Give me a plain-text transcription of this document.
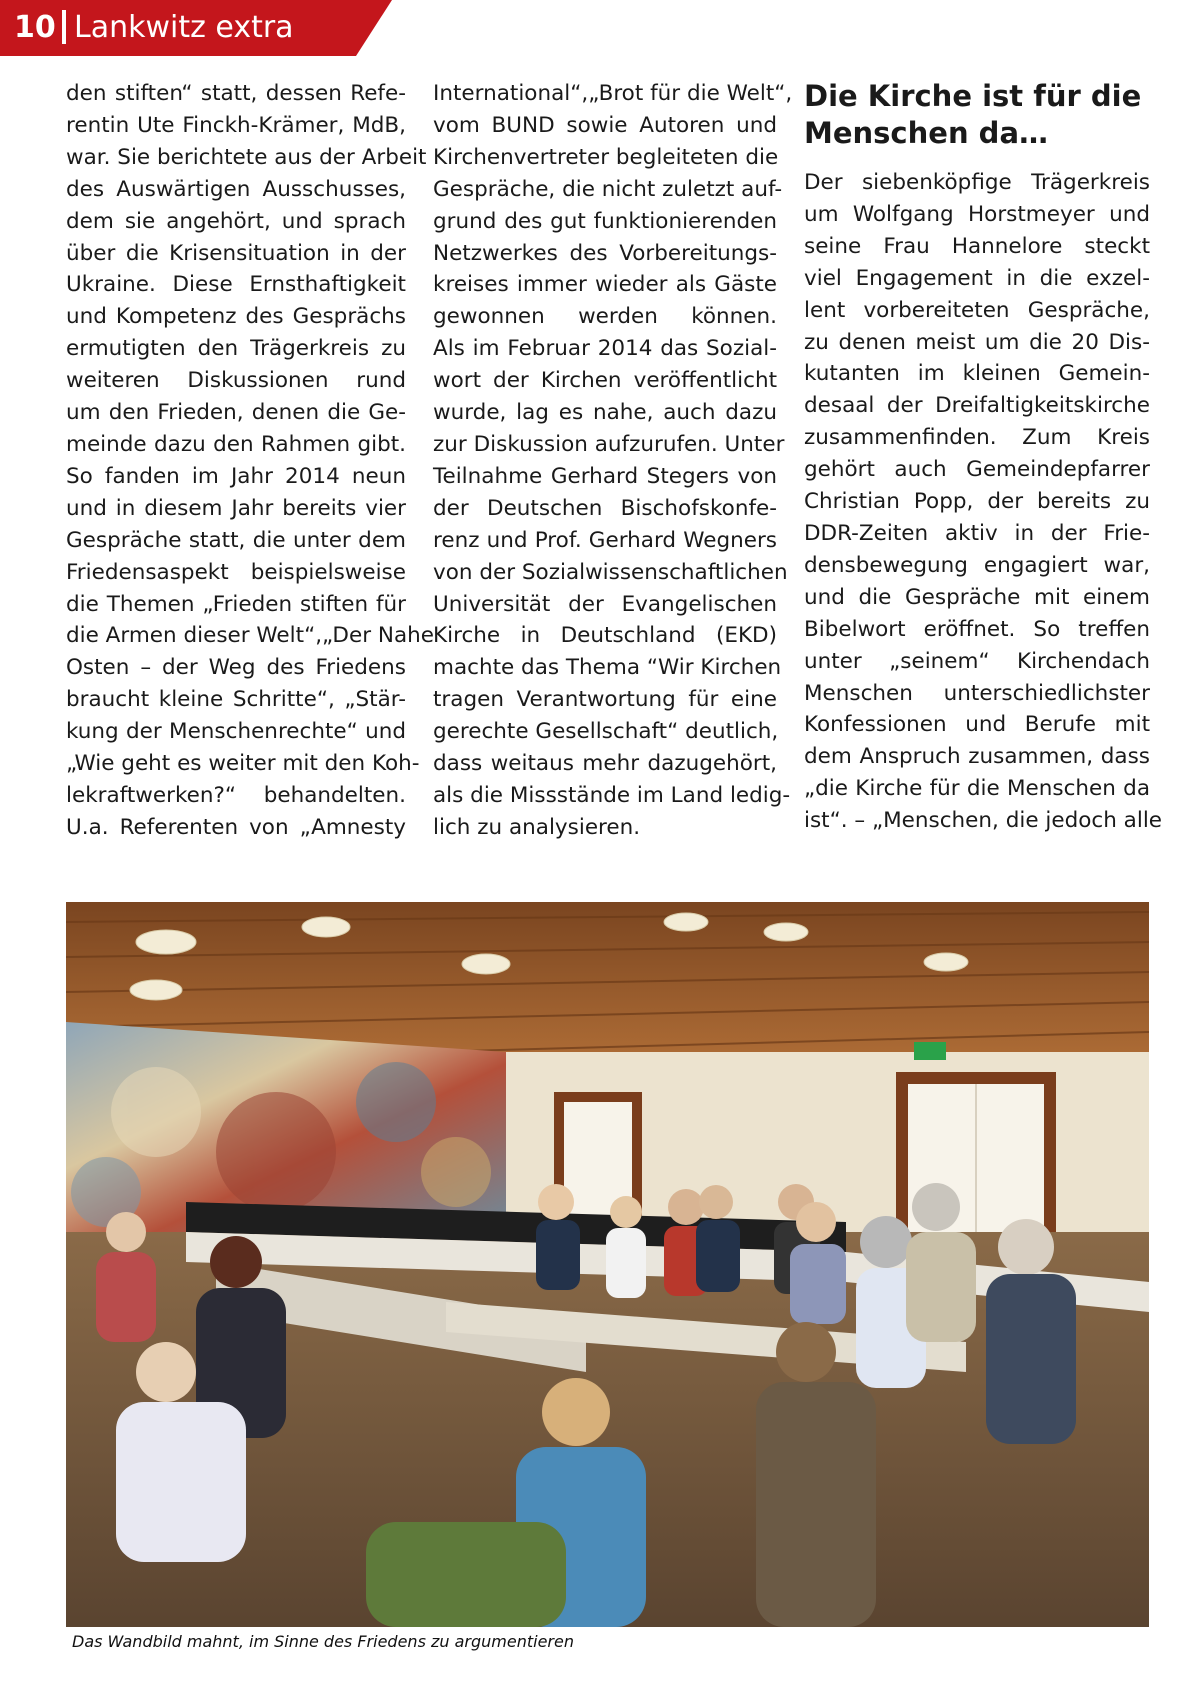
10 Lankwitz extra
den stiften“ statt, dessen Refe-
rentin Ute Finckh-Krämer, MdB,
war. Sie berichtete aus der Arbeit
des Auswärtigen Ausschusses,
dem sie angehört, und sprach
über die Krisensituation in der
Ukraine. Diese Ernsthaftigkeit
und Kompetenz des Gesprächs
ermutigten den Trägerkreis zu
weiteren Diskussionen rund
um den Frieden, denen die Ge-
meinde dazu den Rahmen gibt.
So fanden im Jahr 2014 neun
und in diesem Jahr bereits vier
Gespräche statt, die unter dem
Friedensaspekt beispielsweise
die Themen „Frieden stiften für
die Armen dieser Welt“,„Der Nahe
Osten – der Weg des Friedens
braucht kleine Schritte“, „Stär-
kung der Menschenrechte“ und
„Wie geht es weiter mit den Koh-
lekraftwerken?“ behandelten.
U.a. Referenten von „Amnesty
International“,„Brot für die Welt“,
vom BUND sowie Autoren und
Kirchenvertreter begleiteten die
Gespräche, die nicht zuletzt auf-
grund des gut funktionierenden
Netzwerkes des Vorbereitungs-
kreises immer wieder als Gäste
gewonnen werden können.
Als im Februar 2014 das Sozial-
wort der Kirchen veröffentlicht
wurde, lag es nahe, auch dazu
zur Diskussion aufzurufen. Unter
Teilnahme Gerhard Stegers von
der Deutschen Bischofskonfe-
renz und Prof. Gerhard Wegners
von der Sozialwissenschaftlichen
Universität der Evangelischen
Kirche in Deutschland (EKD)
machte das Thema “Wir Kirchen
tragen Verantwortung für eine
gerechte Gesellschaft“ deutlich,
dass weitaus mehr dazugehört,
als die Missstände im Land ledig-
lich zu analysieren.
Die Kirche ist für die
Menschen da…
Der siebenköpfige Trägerkreis
um Wolfgang Horstmeyer und
seine Frau Hannelore steckt
viel Engagement in die exzel-
lent vorbereiteten Gespräche,
zu denen meist um die 20 Dis-
kutanten im kleinen Gemein-
desaal der Dreifaltigkeitskirche
zusammenfinden. Zum Kreis
gehört auch Gemeindepfarrer
Christian Popp, der bereits zu
DDR-Zeiten aktiv in der Frie-
densbewegung engagiert war,
und die Gespräche mit einem
Bibelwort eröffnet. So treffen
unter „seinem“ Kirchendach
Menschen unterschiedlichster
Konfessionen und Berufe mit
dem Anspruch zusammen, dass
„die Kirche für die Menschen da
ist“. – „Menschen, die jedoch alle
Das Wandbild mahnt, im Sinne des Friedens zu argumentieren
